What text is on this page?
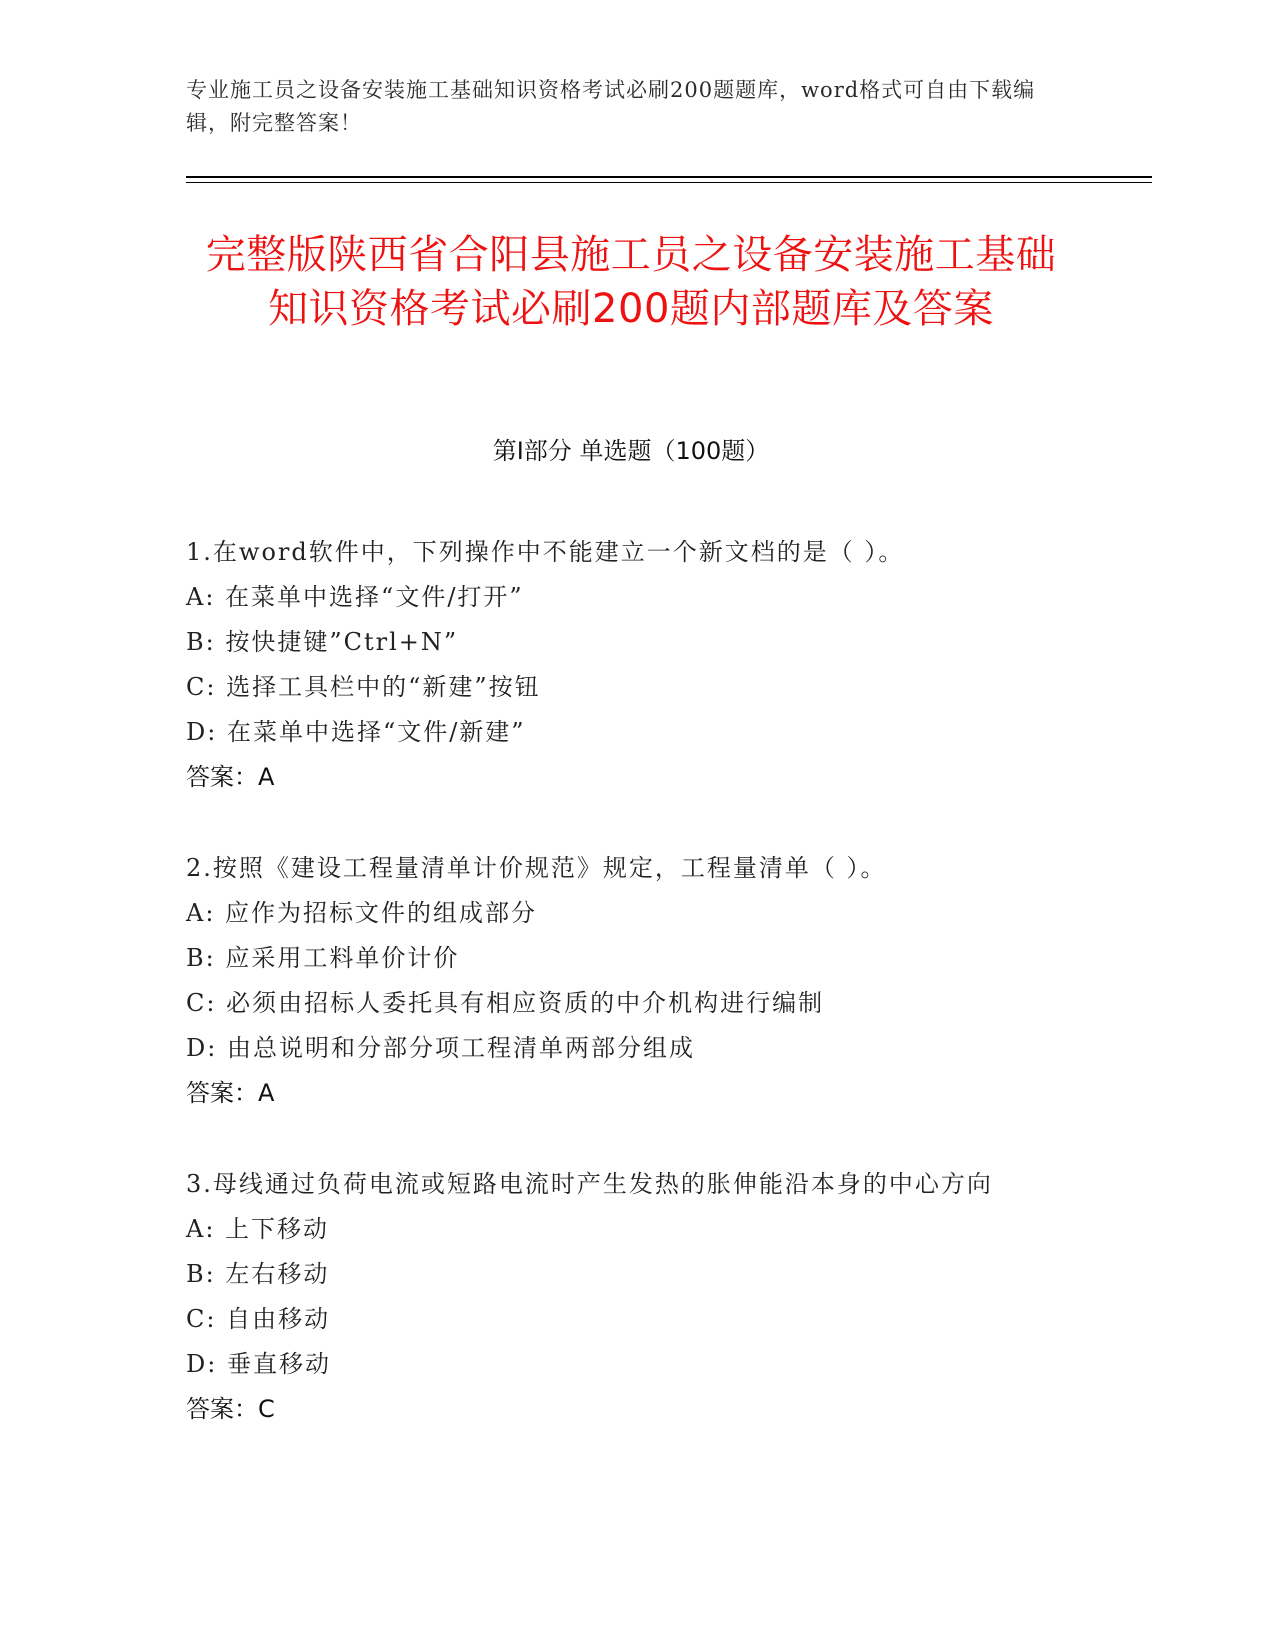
专业施工员之设备安装施工基础知识资格考试必刷200题题库，word格式可自由下载编辑，附完整答案！
完整版陕西省合阳县施工员之设备安装施工基础知识资格考试必刷200题内部题库及答案
第I部分 单选题（100题）
1.在word软件中，下列操作中不能建立一个新文档的是（ ）。
A: 在菜单中选择“文件/打开”
B: 按快捷键”Ctrl+N”
C: 选择工具栏中的“新建”按钮
D: 在菜单中选择“文件/新建”
答案：A
2.按照《建设工程量清单计价规范》规定，工程量清单（ ）。
A: 应作为招标文件的组成部分
B: 应采用工料单价计价
C: 必须由招标人委托具有相应资质的中介机构进行编制
D: 由总说明和分部分项工程清单两部分组成
答案：A
3.母线通过负荷电流或短路电流时产生发热的胀伸能沿本身的中心方向
A: 上下移动
B: 左右移动
C: 自由移动
D: 垂直移动
答案：C
